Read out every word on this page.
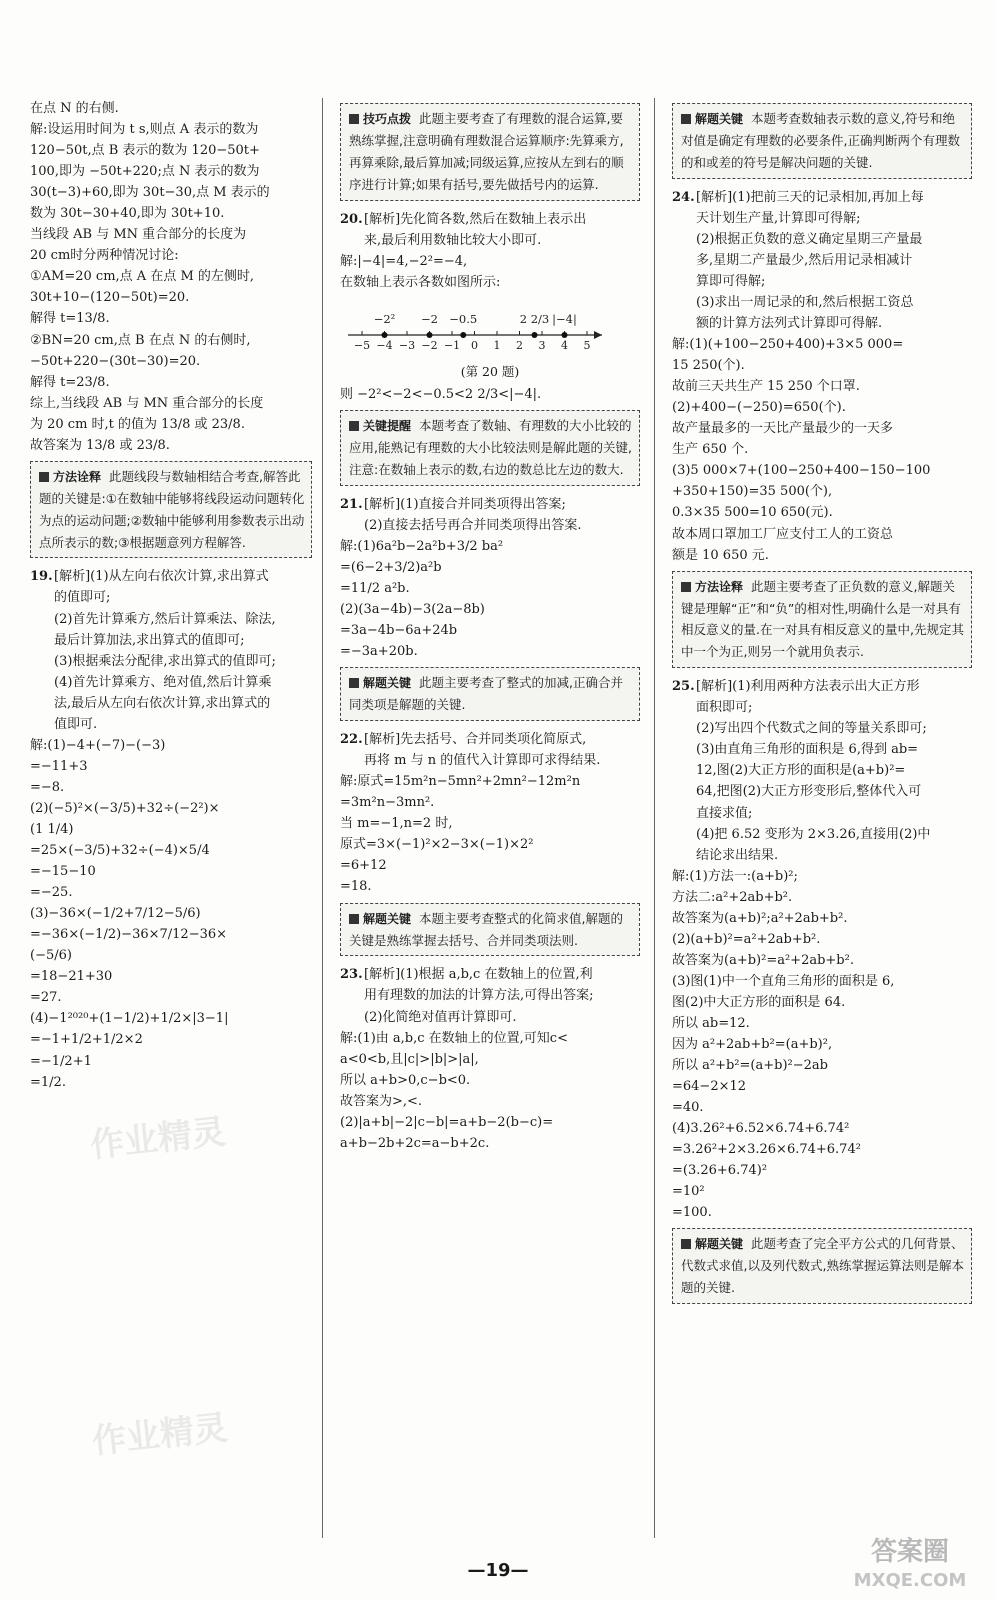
在点 N 的右侧.
解:设运用时间为 t s,则点 A 表示的数为
120−50t,点 B 表示的数为 120−50t+
100,即为 −50t+220;点 N 表示的数为
30(t−3)+60,即为 30t−30,点 M 表示的
数为 30t−30+40,即为 30t+10.
当线段 AB 与 MN 重合部分的长度为
20 cm时分两种情况讨论:
①AM=20 cm,点 A 在点 M 的左侧时,
30t+10−(120−50t)=20.
解得 t=13/8.
②BN=20 cm,点 B 在点 N 的右侧时,
−50t+220−(30t−30)=20.
解得 t=23/8.
综上,当线段 AB 与 MN 重合部分的长度
为 20 cm 时,t 的值为 13/8 或 23/8.
故答案为 13/8 或 23/8.
方法诠释 此题线段与数轴相结合考查,解答此题的关键是:①在数轴中能够将线段运动问题转化为点的运动问题;②数轴中能够利用参数表示出动点所表示的数;③根据题意列方程解答.
19. [解析](1)从左向右依次计算,求出算式
的值即可;
(2)首先计算乘方,然后计算乘法、除法,
最后计算加法,求出算式的值即可;
(3)根据乘法分配律,求出算式的值即可;
(4)首先计算乘方、绝对值,然后计算乘
法,最后从左向右依次计算,求出算式的
值即可.
解:(1)−4+(−7)−(−3)
=−11+3
=−8.
(2)(−5)²×(−3/5)+32÷(−2²)×
(1 1/4)
=25×(−3/5)+32÷(−4)×5/4
=−15−10
=−25.
(3)−36×(−1/2+7/12−5/6)
=−36×(−1/2)−36×7/12−36×
(−5/6)
=18−21+30
=27.
(4)−1²⁰²⁰+(1−1/2)+1/2×|3−1|
=−1+1/2+1/2×2
=−1/2+1
=1/2.
技巧点拨 此题主要考查了有理数的混合运算,要熟练掌握,注意明确有理数混合运算顺序:先算乘方,再算乘除,最后算加减;同级运算,应按从左到右的顺序进行计算;如果有括号,要先做括号内的运算.
20. [解析]先化简各数,然后在数轴上表示出
来,最后利用数轴比较大小即可.
解:|−4|=4,−2²=−4,
在数轴上表示各数如图所示:
−5 −4 −3 −2 −1 0 1 2 3 4 5
−2² −2 −0.5	2 2/3 |−4|
(第 20 题)
则 −2²<−2<−0.5<2 2/3<|−4|.
关键提醒 本题考查了数轴、有理数的大小比较的应用,能熟记有理数的大小比较法则是解此题的关键,注意:在数轴上表示的数,右边的数总比左边的数大.
21. [解析](1)直接合并同类项得出答案;
(2)直接去括号再合并同类项得出答案.
解:(1)6a²b−2a²b+3/2 ba²
=(6−2+3/2)a²b
=11/2 a²b.
(2)(3a−4b)−3(2a−8b)
=3a−4b−6a+24b
=−3a+20b.
解题关键 此题主要考查了整式的加减,正确合并同类项是解题的关键.
22. [解析]先去括号、合并同类项化简原式,
再将 m 与 n 的值代入计算即可求得结果.
解:原式=15m²n−5mn²+2mn²−12m²n
=3m²n−3mn².
当 m=−1,n=2 时,
原式=3×(−1)²×2−3×(−1)×2²
=6+12
=18.
解题关键 本题主要考查整式的化简求值,解题的关键是熟练掌握去括号、合并同类项法则.
23. [解析](1)根据 a,b,c 在数轴上的位置,利
用有理数的加法的计算方法,可得出答案;
(2)化简绝对值再计算即可.
解:(1)由 a,b,c 在数轴上的位置,可知c<
a<0<b,且|c|>|b|>|a|,
所以 a+b>0,c−b<0.
故答案为>,<.
(2)|a+b|−2|c−b|=a+b−2(b−c)=
a+b−2b+2c=a−b+2c.
解题关键 本题考查数轴表示数的意义,符号和绝对值是确定有理数的必要条件,正确判断两个有理数的和或差的符号是解决问题的关键.
24. [解析](1)把前三天的记录相加,再加上每
天计划生产量,计算即可得解;
(2)根据正负数的意义确定星期三产量最
多,星期二产量最少,然后用记录相减计
算即可得解;
(3)求出一周记录的和,然后根据工资总
额的计算方法列式计算即可得解.
解:(1)(+100−250+400)+3×5 000=
15 250(个).
故前三天共生产 15 250 个口罩.
(2)+400−(−250)=650(个).
故产量最多的一天比产量最少的一天多
生产 650 个.
(3)5 000×7+(100−250+400−150−100
+350+150)=35 500(个),
0.3×35 500=10 650(元).
故本周口罩加工厂应支付工人的工资总
额是 10 650 元.
方法诠释 此题主要考查了正负数的意义,解题关键是理解“正”和“负”的相对性,明确什么是一对具有相反意义的量.在一对具有相反意义的量中,先规定其中一个为正,则另一个就用负表示.
25. [解析](1)利用两种方法表示出大正方形
面积即可;
(2)写出四个代数式之间的等量关系即可;
(3)由直角三角形的面积是 6,得到 ab=
12,图(2)大正方形的面积是(a+b)²=
64,把图(2)大正方形变形后,整体代入可
直接求值;
(4)把 6.52 变形为 2×3.26,直接用(2)中
结论求出结果.
解:(1)方法一:(a+b)²;
方法二:a²+2ab+b².
故答案为(a+b)²;a²+2ab+b².
(2)(a+b)²=a²+2ab+b².
故答案为(a+b)²=a²+2ab+b².
(3)图(1)中一个直角三角形的面积是 6,
图(2)中大正方形的面积是 64.
所以 ab=12.
因为 a²+2ab+b²=(a+b)²,
所以 a²+b²=(a+b)²−2ab
=64−2×12
=40.
(4)3.26²+6.52×6.74+6.74²
=3.26²+2×3.26×6.74+6.74²
=(3.26+6.74)²
=10²
=100.
解题关键 此题考查了完全平方公式的几何背景、代数式求值,以及列代数式,熟练掌握运算法则是解本题的关键.
作业精灵
作业精灵
—19—
答案圈
MXQE.COM
